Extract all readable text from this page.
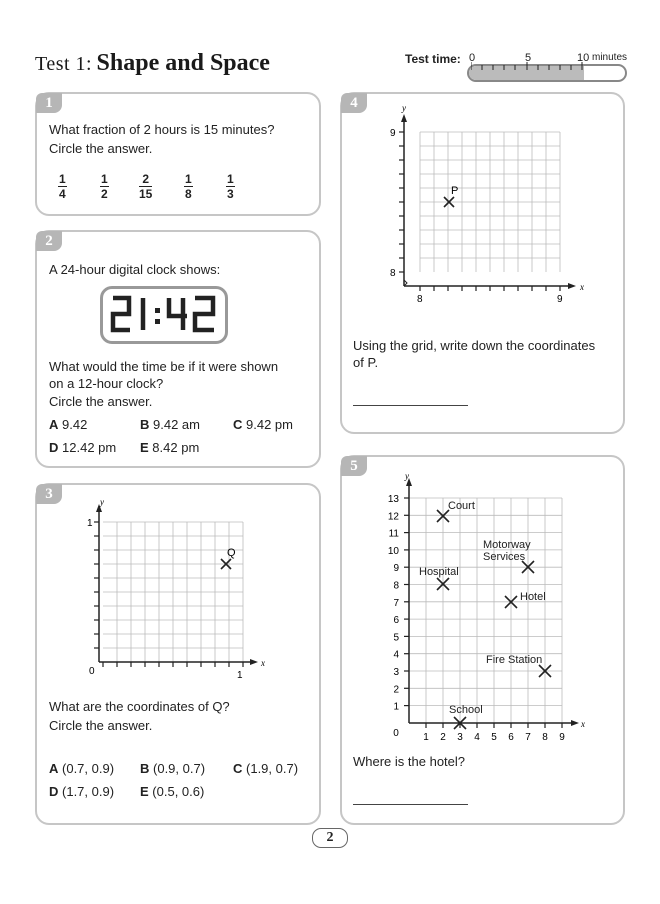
Test 1: Shape and Space	Test time: 0	5	10 minutes
1
What fraction of 2 hours is 15 minutes?
Circle the answer.
$\frac{1}{4}$	$\frac{1}{2}$	$\frac{2}{15}$	$\frac{1}{8}$	$\frac{1}{3}$
2
A 24-hour digital clock shows:
21:42
What would the time be if it were shown
on a 12-hour clock?
Circle the answer.
A 9.42	B 9.42 am	C 9.42 pm
D 12.42 pm E 8.42 pm
3	y
x
1
1
0
Q
What are the coordinates of Q?
Circle the answer.
A (0.7, 0.9) B (0.9, 0.7) C (1.9, 0.7)
D (1.7, 0.9) E (0.5, 0.6)
4	y
x
9
8
8	9
P
Using the grid, write down the coordinates
of P.
5
13
12
11
10
9
8
7
6
5
4
3
2
1
0 1 2 3 4 5 6 7 8 9
y
x
Court
Motorway
Services
Hospital
Hotel
Fire Station
School
Where is the hotel?
2
